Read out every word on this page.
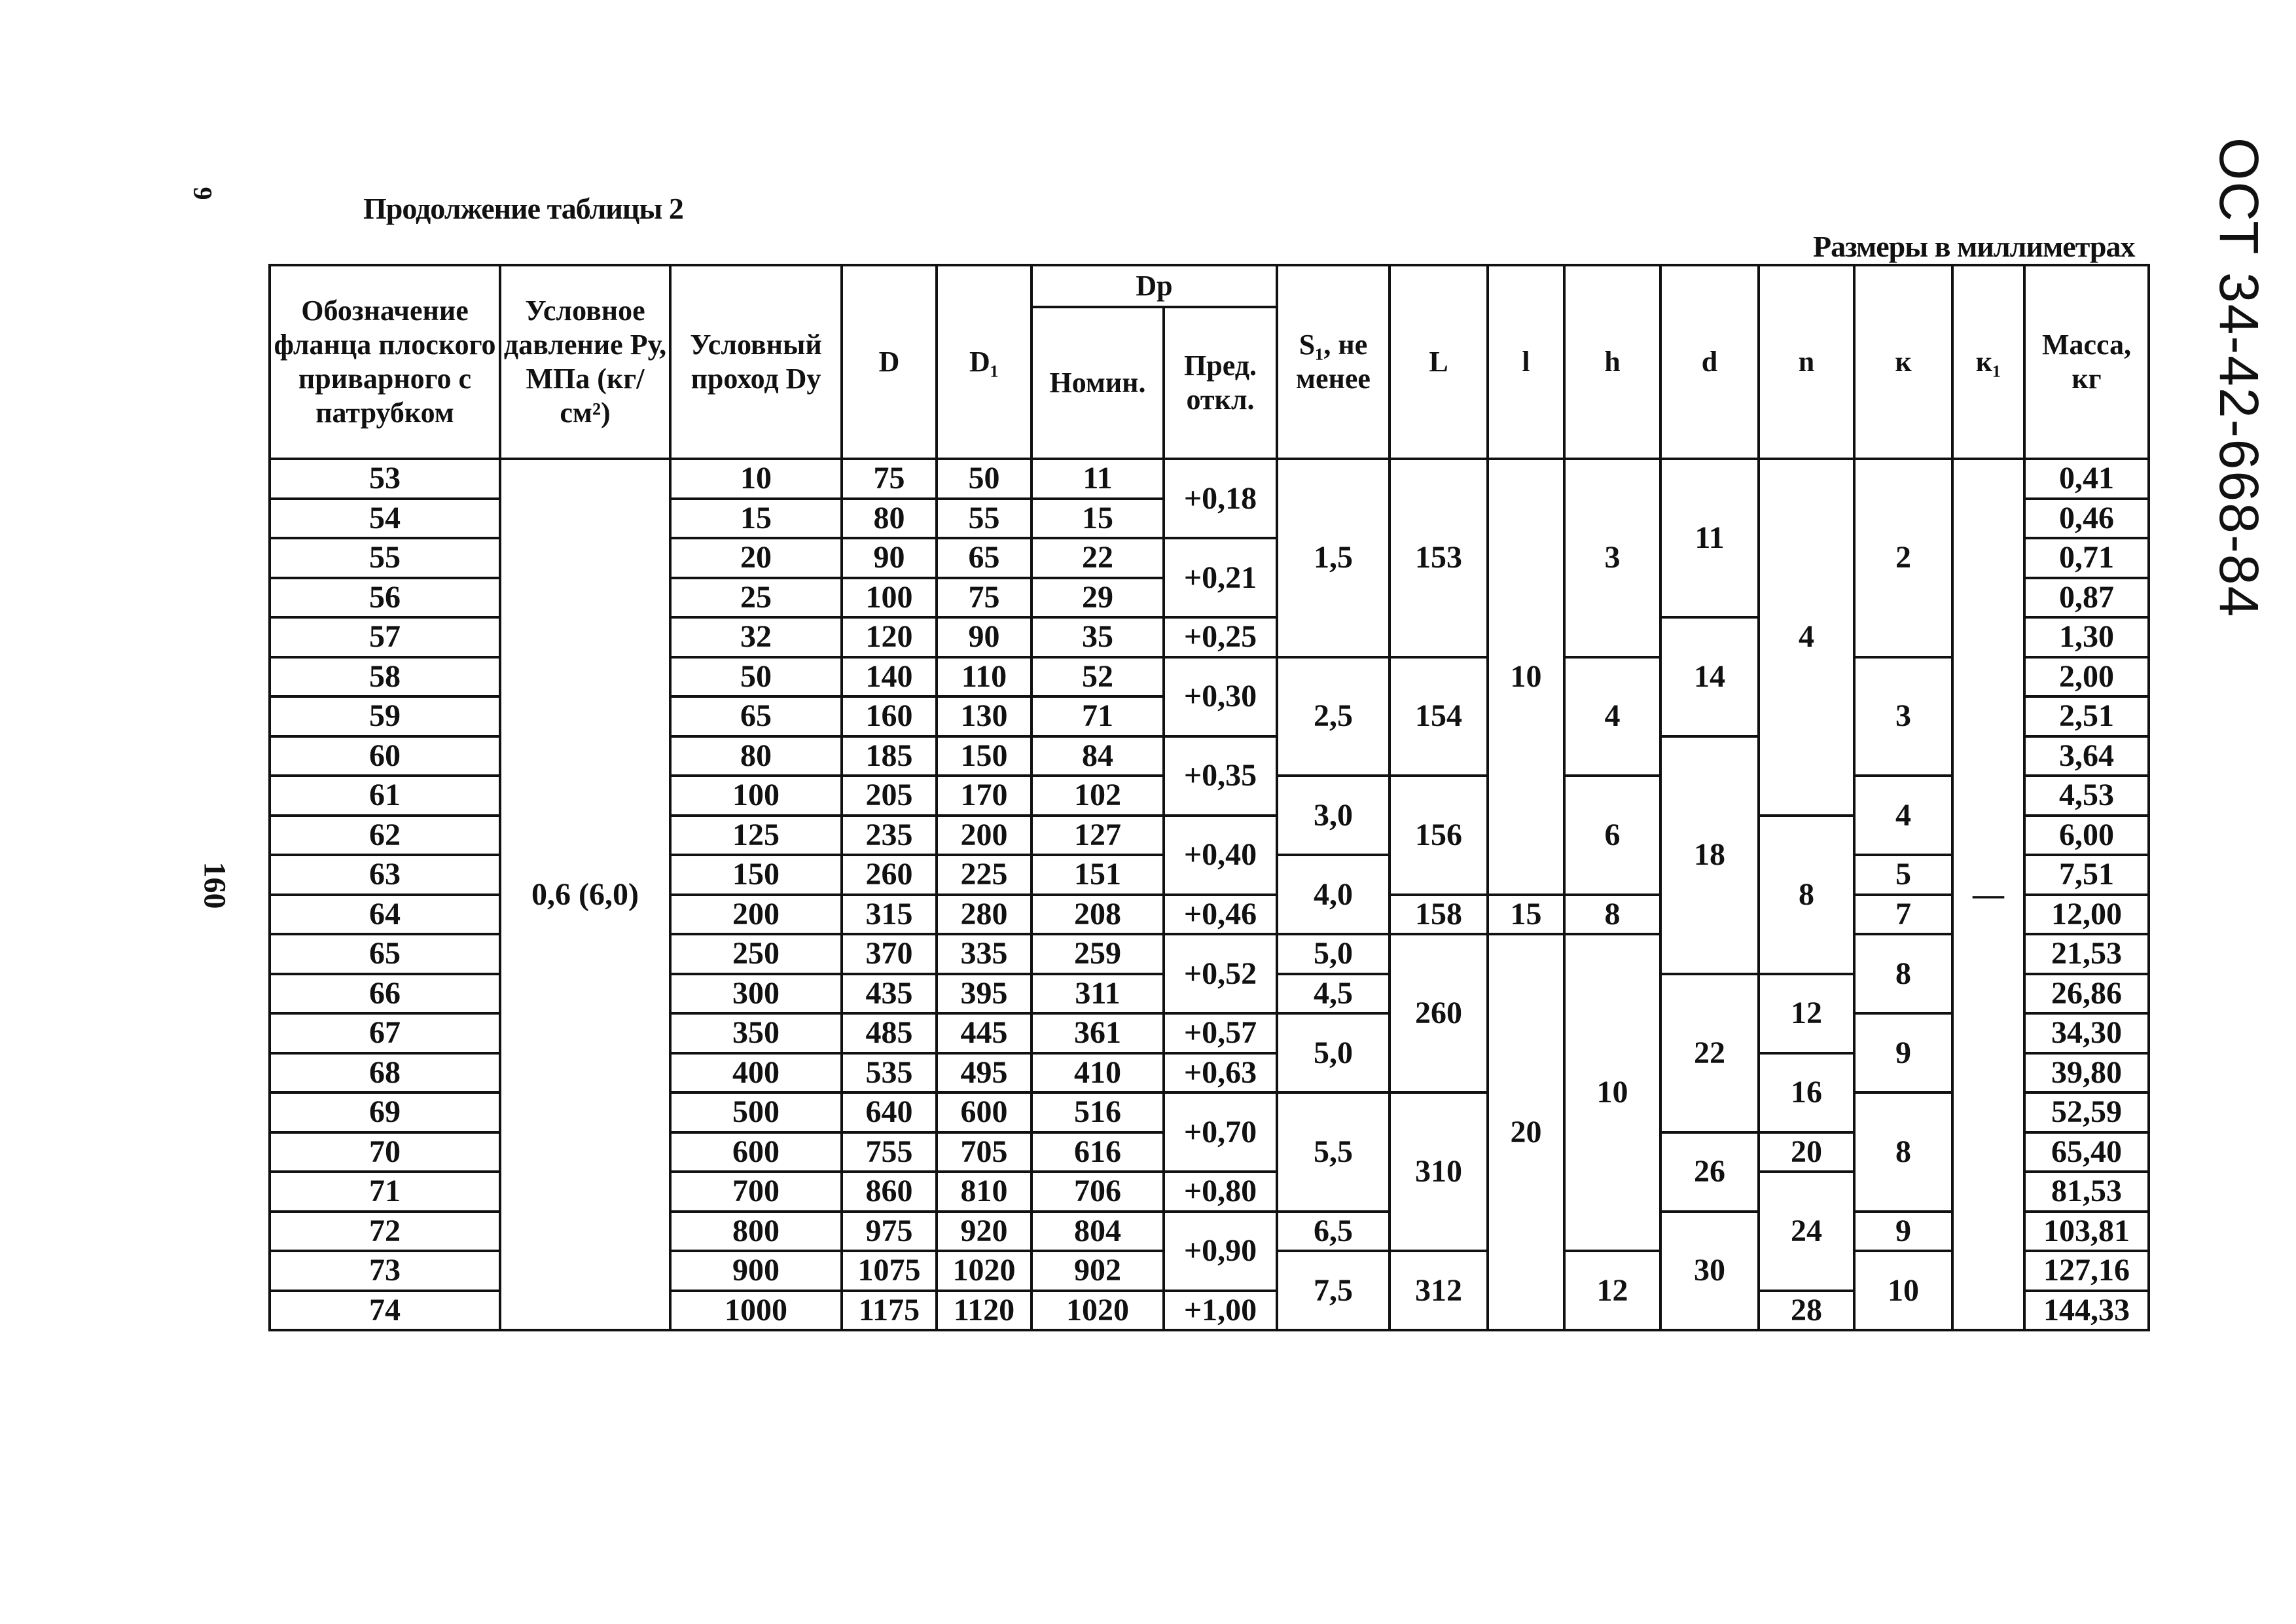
9
160
Продолжение таблицы 2
Размеры в миллиметрах ОСТ 34-42-668-84
Обозначение фланца плоского приварного с патрубком	Условное давление Ру, МПа (кг/см²)	Условный проход Dy	D	D₁	Dp		S₁, не менее	L	l	h	d	n	к	к₁	Масса, кг
					Номин.	Пред. откл.									
53	0,6 (6,0)	10	75	50	11	+0,18	1,5	153	10	3	11	4	2	—	0,41
54		15	80	55	15										0,46
55		20	90	65	22	+0,21									0,71
56		25	100	75	29										0,87
57		32	120	90	35	+0,25					14				1,30
58		50	140	110	52	+0,30	2,5	154		4			3		2,00
59		65	160	130	71										2,51
60		80	185	150	84	+0,35					18				3,64
61		100	205	170	102		3,0	156		6			4		4,53
62		125	235	200	127	+0,40						8			6,00
63		150	260	225	151		4,0						5		7,51
64		200	315	280	208	+0,46		158	15	8			7		12,00
65		250	370	335	259	+0,52	5,0	260	20	10			8		21,53
66		300	435	395	311		4,5				22	12			26,86
67		350	485	445	361	+0,57	5,0						9		34,30
68		400	535	495	410	+0,63						16			39,80
69		500	640	600	516	+0,70	5,5	310					8		52,59
70		600	755	705	616						26	20			65,40
71		700	860	810	706	+0,80						24			81,53
72		800	975	920	804	+0,90	6,5				30		9		103,81
73		900	1075	1020	902		7,5	312		12			10		127,16
74		1000	1175	1120	1020	+1,00						28			144,33
